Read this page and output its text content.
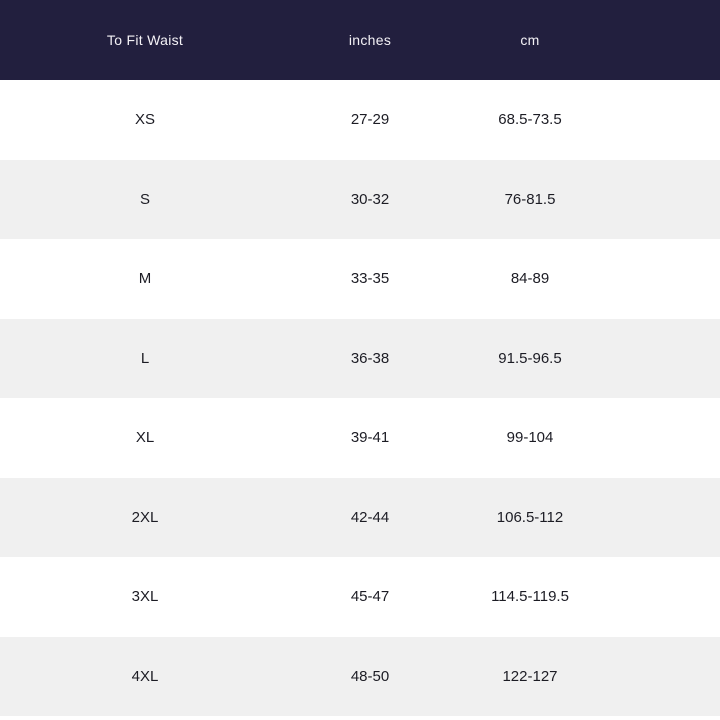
To Fit Waist	inches	cm	
XS	27-29	68.5-73.5	
S	30-32	76-81.5	
M	33-35	84-89	
L	36-38	91.5-96.5	
XL	39-41	99-104	
2XL	42-44	106.5-112	
3XL	45-47	114.5-119.5	
4XL	48-50	122-127	
